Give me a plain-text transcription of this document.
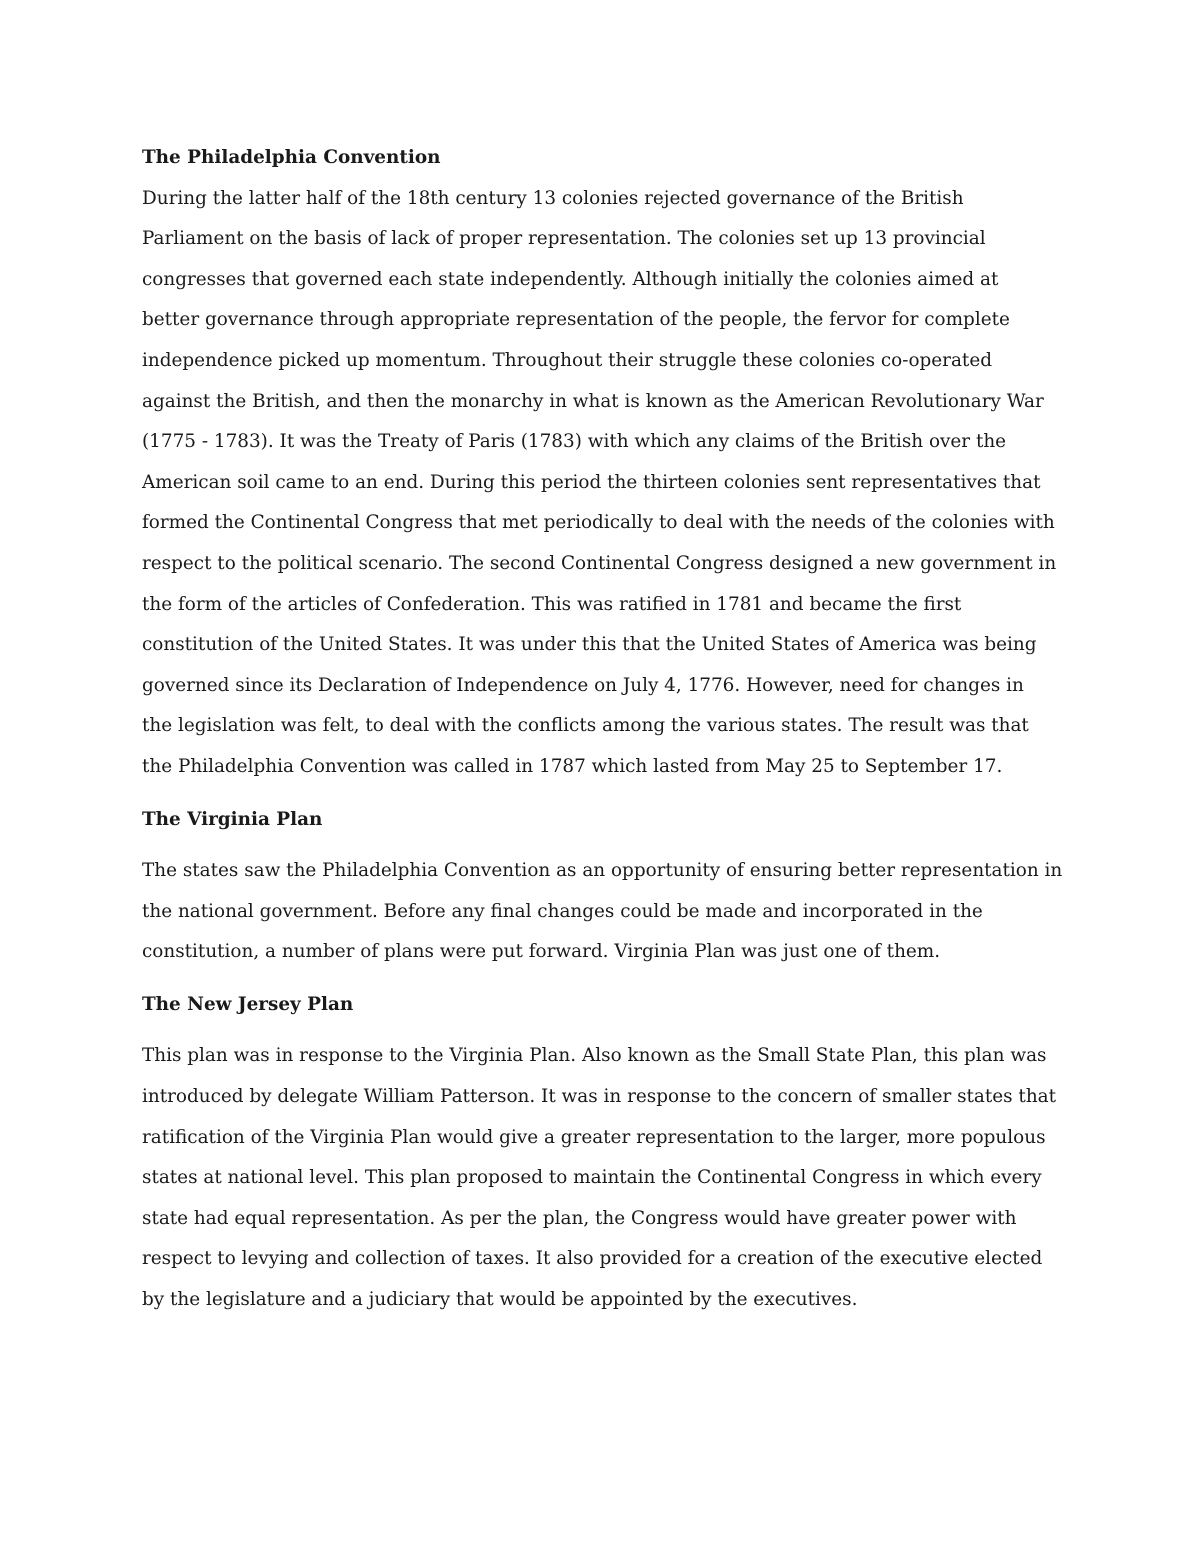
The Philadelphia Convention

During the latter half of the 18th century 13 colonies rejected governance of the British

Parliament on the basis of lack of proper representation. The colonies set up 13 provincial

congresses that governed each state independently. Although initially the colonies aimed at

better governance through appropriate representation of the people, the fervor for complete

independence picked up momentum. Throughout their struggle these colonies co-operated

against the British, and then the monarchy in what is known as the American Revolutionary War

(1775 - 1783). It was the Treaty of Paris (1783) with which any claims of the British over the

American soil came to an end. During this period the thirteen colonies sent representatives that

formed the Continental Congress that met periodically to deal with the needs of the colonies with

respect to the political scenario. The second Continental Congress designed a new government in

the form of the articles of Confederation. This was ratified in 1781 and became the first

constitution of the United States. It was under this that the United States of America was being

governed since its Declaration of Independence on July 4, 1776. However, need for changes in

the legislation was felt, to deal with the conflicts among the various states. The result was that

the Philadelphia Convention was called in 1787 which lasted from May 25 to September 17.

The Virginia Plan

The states saw the Philadelphia Convention as an opportunity of ensuring better representation in

the national government. Before any final changes could be made and incorporated in the

constitution, a number of plans were put forward. Virginia Plan was just one of them.

The New Jersey Plan

This plan was in response to the Virginia Plan. Also known as the Small State Plan, this plan was

introduced by delegate William Patterson. It was in response to the concern of smaller states that

ratification of the Virginia Plan would give a greater representation to the larger, more populous

states at national level. This plan proposed to maintain the Continental Congress in which every

state had equal representation. As per the plan, the Congress would have greater power with

respect to levying and collection of taxes. It also provided for a creation of the executive elected

by the legislature and a judiciary that would be appointed by the executives.
